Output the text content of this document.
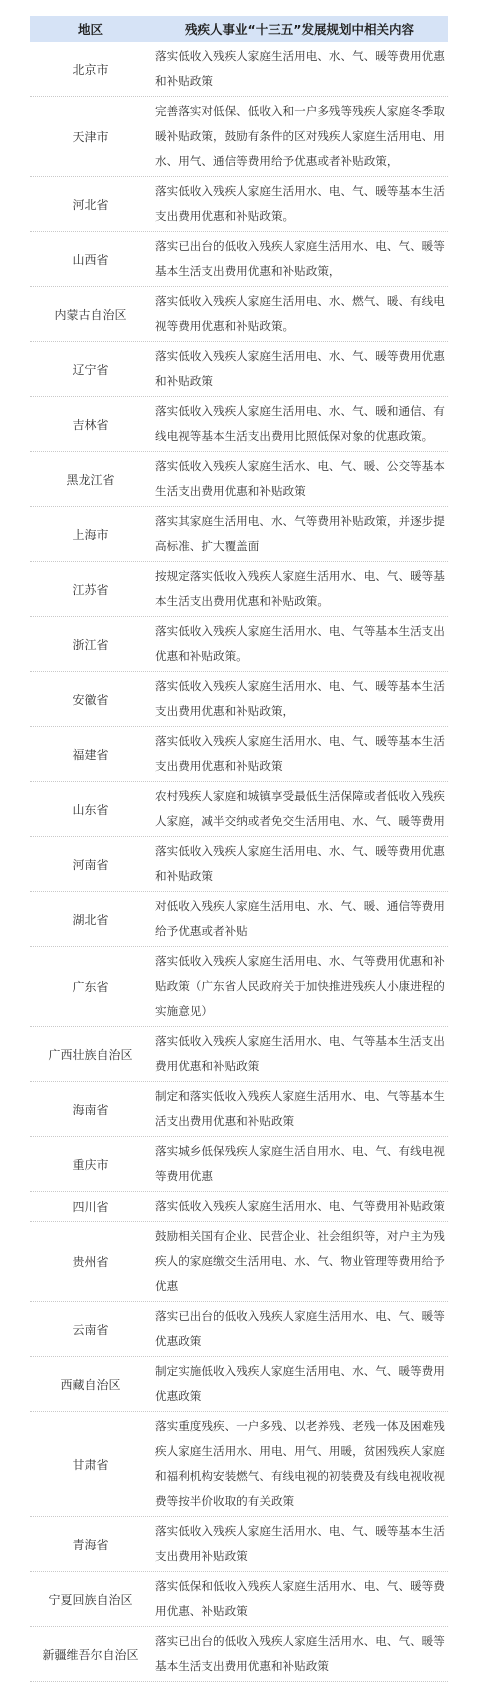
地区	残疾人事业“十三五”发展规划中相关内容
北京市
落实低收入残疾人家庭生活用电、水、气、暖等费用优惠和补贴政策
天津市
完善落实对低保、低收入和一户多残等残疾人家庭冬季取暖补贴政策，鼓励有条件的区对残疾人家庭生活用电、用水、用气、通信等费用给予优惠或者补贴政策，
河北省
落实低收入残疾人家庭生活用水、电、气、暖等基本生活支出费用优惠和补贴政策。
山西省
落实已出台的低收入残疾人家庭生活用水、电、气、暖等基本生活支出费用优惠和补贴政策，
内蒙古自治区
落实低收入残疾人家庭生活用电、水、燃气、暖、有线电视等费用优惠和补贴政策。
辽宁省
落实低收入残疾人家庭生活用电、水、气、暖等费用优惠和补贴政策
吉林省
落实低收入残疾人家庭生活用电、水、气、暖和通信、有线电视等基本生活支出费用比照低保对象的优惠政策。
黑龙江省
落实低收入残疾人家庭生活水、电、气、暖、公交等基本生活支出费用优惠和补贴政策
上海市
落实其家庭生活用电、水、气等费用补贴政策，并逐步提高标准、扩大覆盖面
江苏省
按规定落实低收入残疾人家庭生活用水、电、气、暖等基本生活支出费用优惠和补贴政策。
浙江省
落实低收入残疾人家庭生活用水、电、气等基本生活支出优惠和补贴政策。
安徽省
落实低收入残疾人家庭生活用水、电、气、暖等基本生活支出费用优惠和补贴政策，
福建省
落实低收入残疾人家庭生活用水、电、气、暖等基本生活支出费用优惠和补贴政策
山东省
农村残疾人家庭和城镇享受最低生活保障或者低收入残疾人家庭，减半交纳或者免交生活用电、水、气、暖等费用
河南省
落实低收入残疾人家庭生活用电、水、气、暖等费用优惠和补贴政策
湖北省
对低收入残疾人家庭生活用电、水、气、暖、通信等费用给予优惠或者补贴
广东省
落实低收入残疾人家庭生活用电、水、气等费用优惠和补贴政策（广东省人民政府关于加快推进残疾人小康进程的实施意见）
广西壮族自治区
落实低收入残疾人家庭生活用水、电、气等基本生活支出费用优惠和补贴政策
海南省
制定和落实低收入残疾人家庭生活用水、电、气等基本生活支出费用优惠和补贴政策
重庆市
落实城乡低保残疾人家庭生活自用水、电、气、有线电视等费用优惠
四川省	落实低收入残疾人家庭生活用水、电、气等费用补贴政策
贵州省
鼓励相关国有企业、民营企业、社会组织等，对户主为残疾人的家庭缴交生活用电、水、气、物业管理等费用给予优惠
云南省
落实已出台的低收入残疾人家庭生活用水、电、气、暖等优惠政策
西藏自治区
制定实施低收入残疾人家庭生活用电、水、气、暖等费用优惠政策
甘肃省
落实重度残疾、一户多残、以老养残、老残一体及困难残疾人家庭生活用水、用电、用气、用暖，贫困残疾人家庭和福利机构安装燃气、有线电视的初装费及有线电视收视费等按半价收取的有关政策
青海省
落实低收入残疾人家庭生活用水、电、气、暖等基本生活支出费用补贴政策
宁夏回族自治区
落实低保和低收入残疾人家庭生活用水、电、气、暖等费用优惠、补贴政策
新疆维吾尔自治区
落实已出台的低收入残疾人家庭生活用水、电、气、暖等基本生活支出费用优惠和补贴政策
